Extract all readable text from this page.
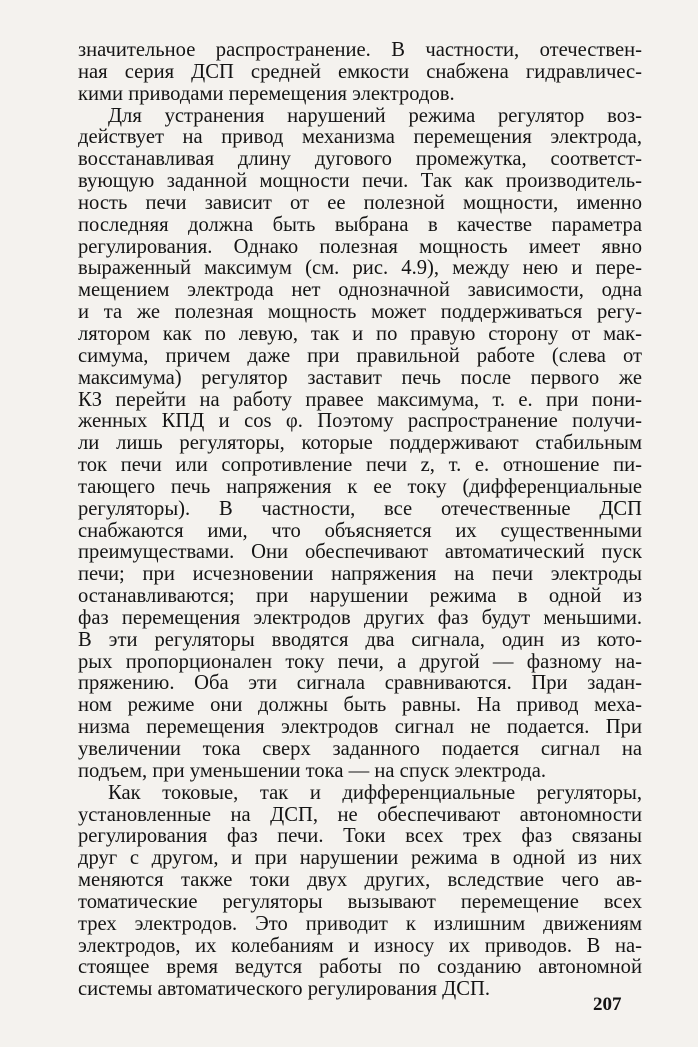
значительное распространение. В частности, отечествен-
ная серия ДСП средней емкости снабжена гидравличес-
кими приводами перемещения электродов.
Для устранения нарушений режима регулятор воз-
действует на привод механизма перемещения электрода,
восстанавливая длину дугового промежутка, соответст-
вующую заданной мощности печи. Так как производитель-
ность печи зависит от ее полезной мощности, именно
последняя должна быть выбрана в качестве параметра
регулирования. Однако полезная мощность имеет явно
выраженный максимум (см. рис. 4.9), между нею и пере-
мещением электрода нет однозначной зависимости, одна
и та же полезная мощность может поддерживаться регу-
лятором как по левую, так и по правую сторону от мак-
симума, причем даже при правильной работе (слева от
максимума) регулятор заставит печь после первого же
КЗ перейти на работу правее максимума, т. е. при пони-
женных КПД и cos φ. Поэтому распространение получи-
ли лишь регуляторы, которые поддерживают стабильным
ток печи или сопротивление печи z, т. е. отношение пи-
тающего печь напряжения к ее току (дифференциальные
регуляторы). В частности, все отечественные ДСП
снабжаются ими, что объясняется их существенными
преимуществами. Они обеспечивают автоматический пуск
печи; при исчезновении напряжения на печи электроды
останавливаются; при нарушении режима в одной из
фаз перемещения электродов других фаз будут меньшими.
В эти регуляторы вводятся два сигнала, один из кото-
рых пропорционален току печи, а другой — фазному на-
пряжению. Оба эти сигнала сравниваются. При задан-
ном режиме они должны быть равны. На привод меха-
низма перемещения электродов сигнал не подается. При
увеличении тока сверх заданного подается сигнал на
подъем, при уменьшении тока — на спуск электрода.
Как токовые, так и дифференциальные регуляторы,
установленные на ДСП, не обеспечивают автономности
регулирования фаз печи. Токи всех трех фаз связаны
друг с другом, и при нарушении режима в одной из них
меняются также токи двух других, вследствие чего ав-
томатические регуляторы вызывают перемещение всех
трех электродов. Это приводит к излишним движениям
электродов, их колебаниям и износу их приводов. В на-
стоящее время ведутся работы по созданию автономной
системы автоматического регулирования ДСП.
207
